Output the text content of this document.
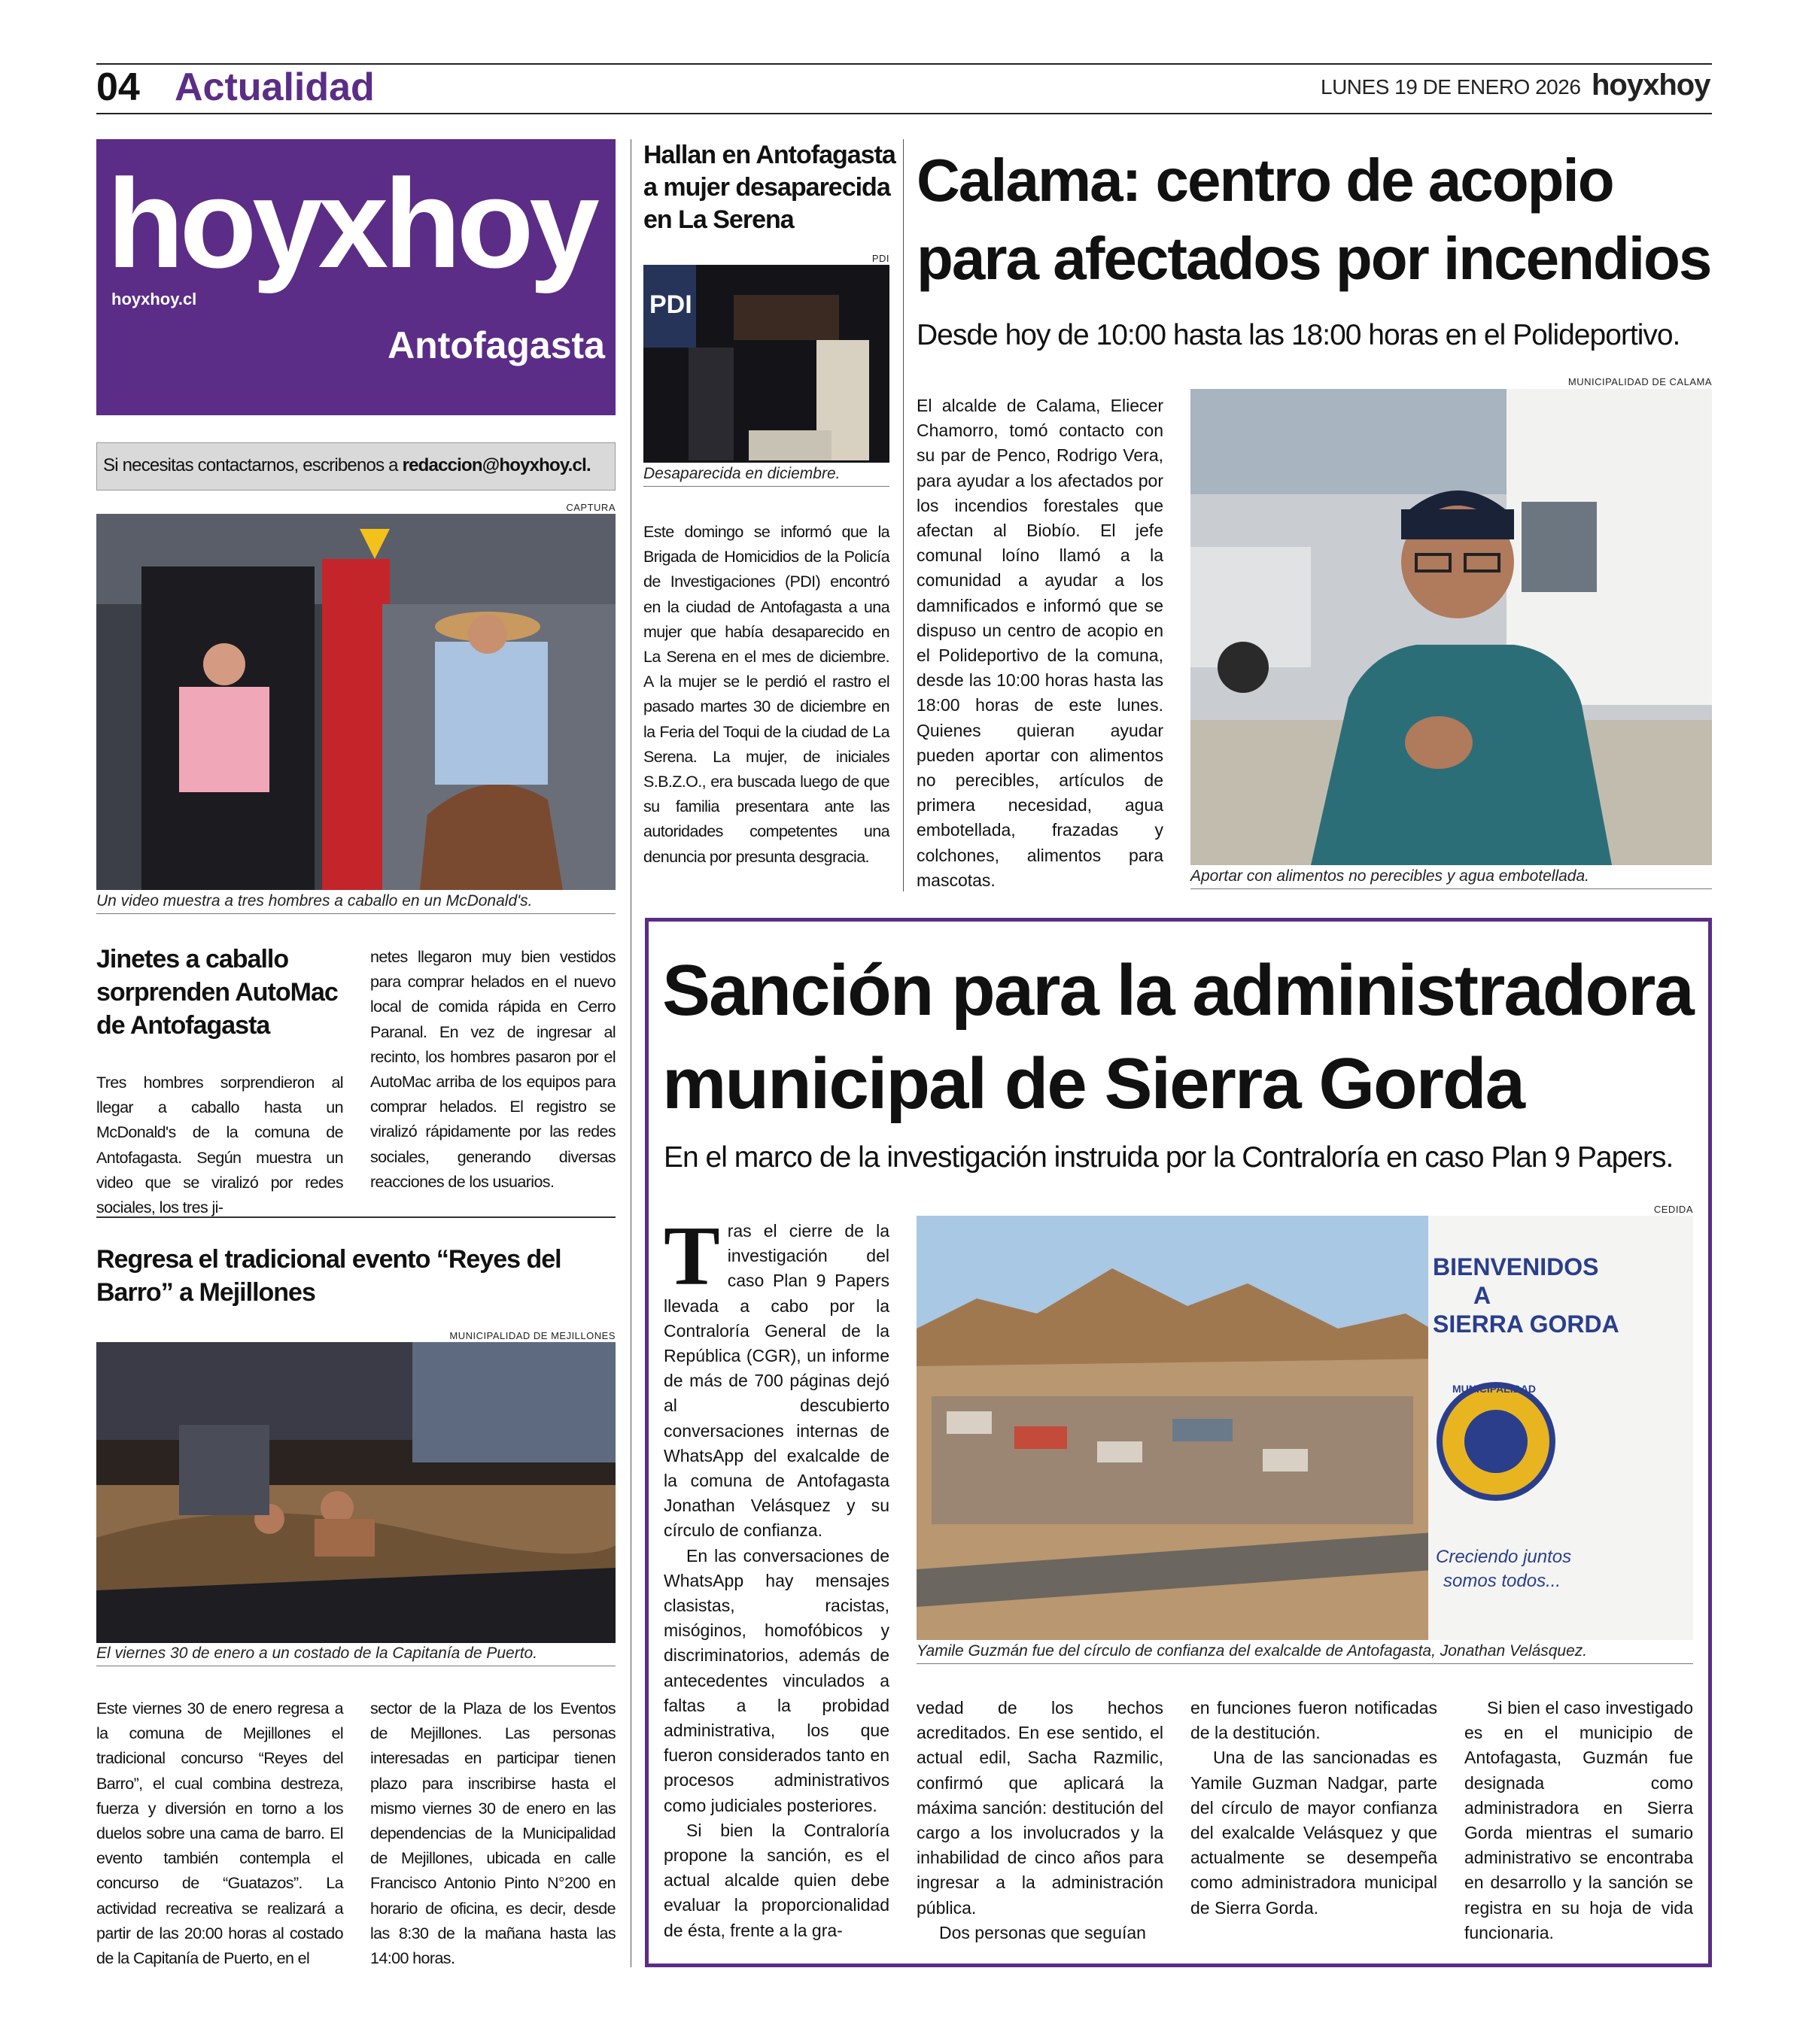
04 Actualidad	LUNES 19 DE ENERO 2026 hoyxhoy
hoyxhoy
hoyxhoy.cl
Antofagasta
Si necesitas contactarnos, escribenos a redaccion@hoyxhoy.cl.
CAPTURA
Un video muestra a tres hombres a caballo en un McDonald's.
Jinetes a caballo sorprenden AutoMac de Antofagasta
Tres hombres sorprendieron al llegar a caballo hasta un McDonald's de la comuna de Antofagasta. Según muestra un video que se viralizó por redes sociales, los tres ji-
netes llegaron muy bien vestidos para comprar helados en el nuevo local de comida rápida en Cerro Paranal. En vez de ingresar al recinto, los hombres pasaron por el AutoMac arriba de los equipos para comprar helados. El registro se viralizó rápidamente por las redes sociales, generando diversas reacciones de los usuarios.
Regresa el tradicional evento “Reyes del Barro” a Mejillones
MUNICIPALIDAD DE MEJILLONES
El viernes 30 de enero a un costado de la Capitanía de Puerto.
Este viernes 30 de enero regresa a la comuna de Mejillones el tradicional concurso “Reyes del Barro”, el cual combina destreza, fuerza y diversión en torno a los duelos sobre una cama de barro. El evento también contempla el concurso de “Guatazos”. La actividad recreativa se realizará a partir de las 20:00 horas al costado de la Capitanía de Puerto, en el
sector de la Plaza de los Eventos de Mejillones. Las personas interesadas en participar tienen plazo para inscribirse hasta el mismo viernes 30 de enero en las dependencias de la Municipalidad de Mejillones, ubicada en calle Francisco Antonio Pinto N°200 en horario de oficina, es decir, desde las 8:30 de la mañana hasta las 14:00 horas.
Hallan en Antofagasta a mujer desaparecida en La Serena
PDI
PDI
Desaparecida en diciembre.
Este domingo se informó que la Brigada de Homicidios de la Policía de Investigaciones (PDI) encontró en la ciudad de Antofagasta a una mujer que había desaparecido en La Serena en el mes de diciembre. A la mujer se le perdió el rastro el pasado martes 30 de diciembre en la Feria del Toqui de la ciudad de La Serena. La mujer, de iniciales S.B.Z.O., era buscada luego de que su familia presentara ante las autoridades competentes una denuncia por presunta desgracia.
Calama: centro de acopio para afectados por incendios
Desde hoy de 10:00 hasta las 18:00 horas en el Polideportivo.
El alcalde de Calama, Eliecer Chamorro, tomó contacto con su par de Penco, Rodrigo Vera, para ayudar a los afectados por los incendios forestales que afectan al Biobío. El jefe comunal loíno llamó a la comunidad a ayudar a los damnificados e informó que se dispuso un centro de acopio en el Polideportivo de la comuna, desde las 10:00 horas hasta las 18:00 horas de este lunes. Quienes quieran ayudar pueden aportar con alimentos no perecibles, artículos de primera necesidad, agua embotellada, frazadas y colchones, alimentos para mascotas.
MUNICIPALIDAD DE CALAMA
Aportar con alimentos no perecibles y agua embotellada.
Sanción para la administradora municipal de Sierra Gorda
En el marco de la investigación instruida por la Contraloría en caso Plan 9 Papers.

Tras el cierre de la investigación del caso Plan 9 Papers llevada a cabo por la Contraloría General de la República (CGR), un informe de más de 700 páginas dejó al descubierto conversaciones internas de WhatsApp del exalcalde de la comuna de Antofagasta Jonathan Velásquez y su círculo de confianza.

En las conversaciones de WhatsApp hay mensajes clasistas, racistas, misóginos, homofóbicos y discriminatorios, además de antecedentes vinculados a faltas a la probidad administrativa, los que fueron considerados tanto en procesos administrativos como judiciales posteriores.

Si bien la Contraloría propone la sanción, es el actual alcalde quien debe evaluar la proporcionalidad de ésta, frente a la gra-

CEDIDA
BIENVENIDOS
A
SIERRA GORDA
MUNICIPALIDAD
Creciendo juntos
somos todos...
Yamile Guzmán fue del círculo de confianza del exalcalde de Antofagasta, Jonathan Velásquez.

vedad de los hechos acreditados. En ese sentido, el actual edil, Sacha Razmilic, confirmó que aplicará la máxima sanción: destitución del cargo a los involucrados y la inhabilidad de cinco años para ingresar a la administración pública.

Dos personas que seguían

en funciones fueron notificadas de la destitución.

Una de las sancionadas es Yamile Guzman Nadgar, parte del círculo de mayor confianza del exalcalde Velásquez y que actualmente se desempeña como administradora municipal de Sierra Gorda.

Si bien el caso investigado es en el municipio de Antofagasta, Guzmán fue designada como administradora en Sierra Gorda mientras el sumario administrativo se encontraba en desarrollo y la sanción se registra en su hoja de vida funcionaria.
